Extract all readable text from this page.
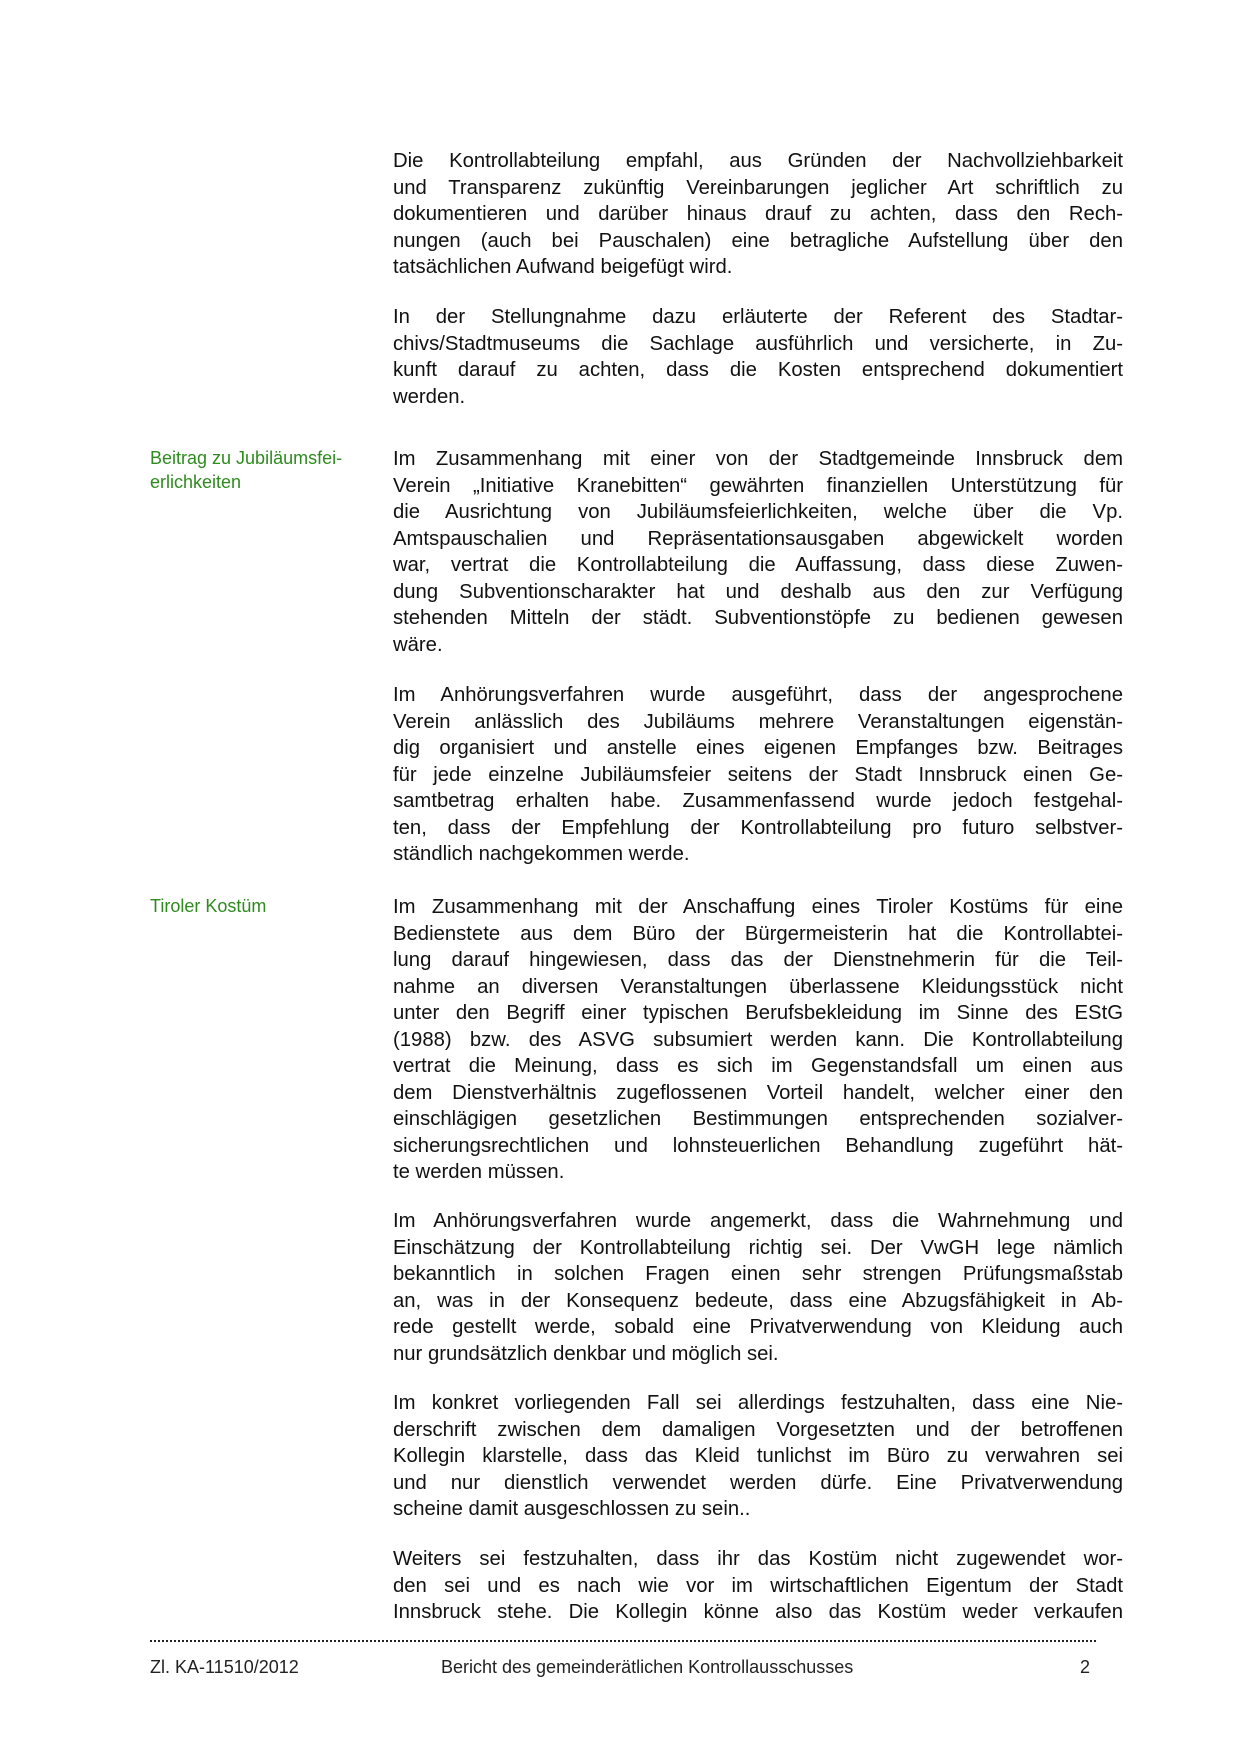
Die Kontrollabteilung empfahl, aus Gründen der Nachvollziehbarkeit
und Transparenz zukünftig Vereinbarungen jeglicher Art schriftlich zu
dokumentieren und darüber hinaus drauf zu achten, dass den Rech-
nungen (auch bei Pauschalen) eine betragliche Aufstellung über den
tatsächlichen Aufwand beigefügt wird.
In der Stellungnahme dazu erläuterte der Referent des Stadtar-
chivs/Stadtmuseums die Sachlage ausführlich und versicherte, in Zu-
kunft darauf zu achten, dass die Kosten entsprechend dokumentiert
werden.
Beitrag zu Jubiläumsfei-
erlichkeiten
Im Zusammenhang mit einer von der Stadtgemeinde Innsbruck dem
Verein „Initiative Kranebitten“ gewährten finanziellen Unterstützung für
die Ausrichtung von Jubiläumsfeierlichkeiten, welche über die Vp.
Amtspauschalien und Repräsentationsausgaben abgewickelt worden
war, vertrat die Kontrollabteilung die Auffassung, dass diese Zuwen-
dung Subventionscharakter hat und deshalb aus den zur Verfügung
stehenden Mitteln der städt. Subventionstöpfe zu bedienen gewesen
wäre.
Im Anhörungsverfahren wurde ausgeführt, dass der angesprochene
Verein anlässlich des Jubiläums mehrere Veranstaltungen eigenstän-
dig organisiert und anstelle eines eigenen Empfanges bzw. Beitrages
für jede einzelne Jubiläumsfeier seitens der Stadt Innsbruck einen Ge-
samtbetrag erhalten habe. Zusammenfassend wurde jedoch festgehal-
ten, dass der Empfehlung der Kontrollabteilung pro futuro selbstver-
ständlich nachgekommen werde.
Tiroler Kostüm	Im Zusammenhang mit der Anschaffung eines Tiroler Kostüms für eine
Bedienstete aus dem Büro der Bürgermeisterin hat die Kontrollabtei-
lung darauf hingewiesen, dass das der Dienstnehmerin für die Teil-
nahme an diversen Veranstaltungen überlassene Kleidungsstück nicht
unter den Begriff einer typischen Berufsbekleidung im Sinne des EStG
(1988) bzw. des ASVG subsumiert werden kann. Die Kontrollabteilung
vertrat die Meinung, dass es sich im Gegenstandsfall um einen aus
dem Dienstverhältnis zugeflossenen Vorteil handelt, welcher einer den
einschlägigen gesetzlichen Bestimmungen entsprechenden sozialver-
sicherungsrechtlichen und lohnsteuerlichen Behandlung zugeführt hät-
te werden müssen.
Im Anhörungsverfahren wurde angemerkt, dass die Wahrnehmung und
Einschätzung der Kontrollabteilung richtig sei. Der VwGH lege nämlich
bekanntlich in solchen Fragen einen sehr strengen Prüfungsmaßstab
an, was in der Konsequenz bedeute, dass eine Abzugsfähigkeit in Ab-
rede gestellt werde, sobald eine Privatverwendung von Kleidung auch
nur grundsätzlich denkbar und möglich sei.
Im konkret vorliegenden Fall sei allerdings festzuhalten, dass eine Nie-
derschrift zwischen dem damaligen Vorgesetzten und der betroffenen
Kollegin klarstelle, dass das Kleid tunlichst im Büro zu verwahren sei
und nur dienstlich verwendet werden dürfe. Eine Privatverwendung
scheine damit ausgeschlossen zu sein..
Weiters sei festzuhalten, dass ihr das Kostüm nicht zugewendet wor-
den sei und es nach wie vor im wirtschaftlichen Eigentum der Stadt
Innsbruck stehe. Die Kollegin könne also das Kostüm weder verkaufen
Zl. KA-11510/2012	Bericht des gemeinderätlichen Kontrollausschusses	2
